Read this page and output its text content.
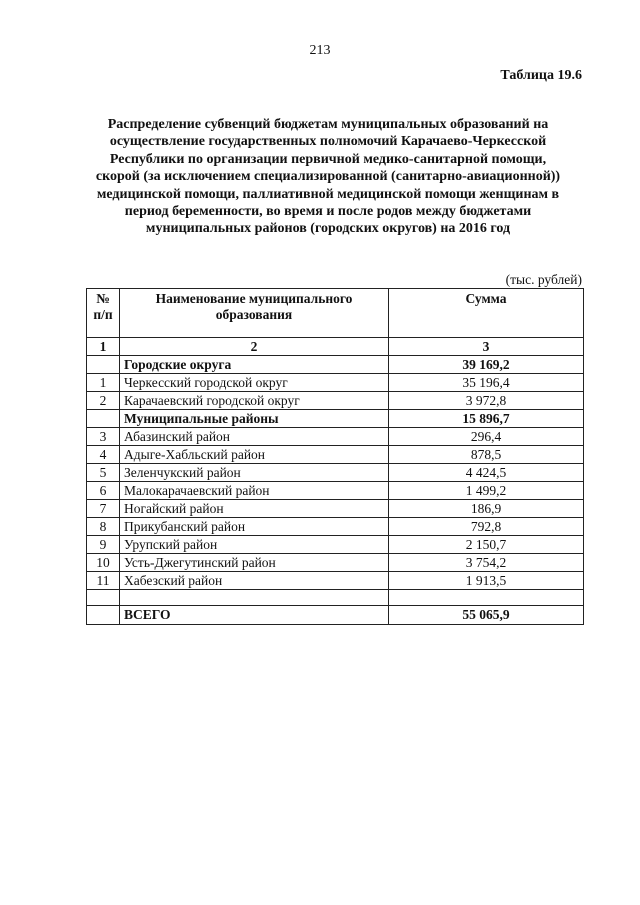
213
Таблица 19.6
Распределение субвенций бюджетам муниципальных образований на
осуществление государственных полномочий Карачаево-Черкесской
Республики по организации первичной медико-санитарной помощи,
скорой (за исключением специализированной (санитарно-авиационной))
медицинской помощи, паллиативной медицинской помощи женщинам в
период беременности, во время и после родов между бюджетами
муниципальных районов (городских округов) на 2016 год
(тыс. рублей)
№ п/п	Наименование муниципального образования	Сумма
1	2	3
	Городские округа	39 169,2
1	Черкесский городской округ	35 196,4
2	Карачаевский городской округ	3 972,8
	Муниципальные районы	15 896,7
3	Абазинский район	296,4
4	Адыге-Хабльский район	878,5
5	Зеленчукский район	4 424,5
6	Малокарачаевский район	1 499,2
7	Ногайский район	186,9
8	Прикубанский район	792,8
9	Урупский район	2 150,7
10	Усть-Джегутинский район	3 754,2
11	Хабезский район	1 913,5

	ВСЕГО	55 065,9
